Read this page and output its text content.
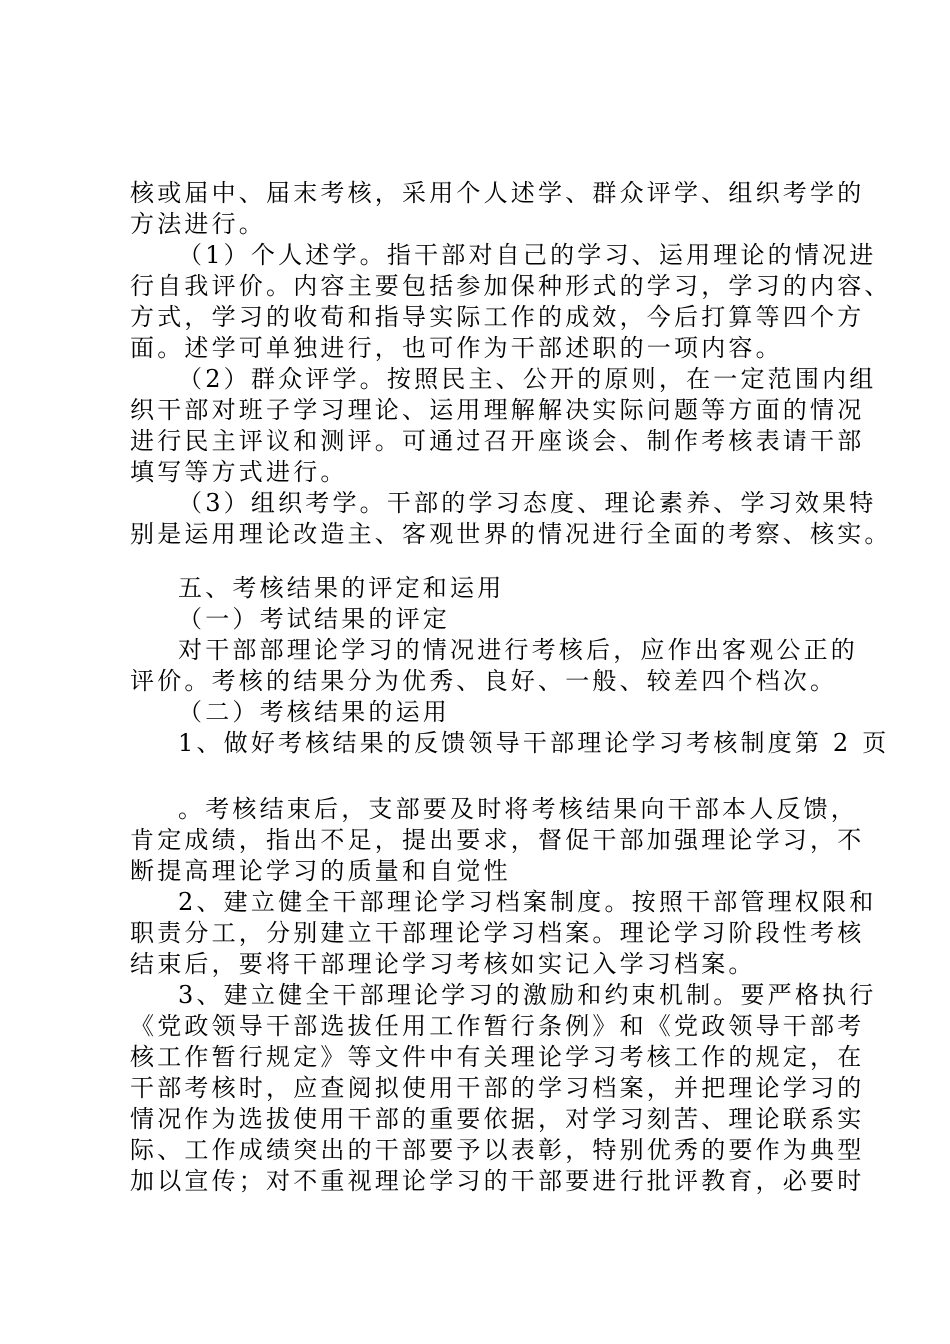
核或届中、届末考核，采用个人述学、群众评学、组织考学的
方法进行。
（1）个人述学。指干部对自己的学习、运用理论的情况进
行自我评价。内容主要包括参加保种形式的学习，学习的内容、
方式，学习的收荀和指导实际工作的成效，今后打算等四个方
面。述学可单独进行，也可作为干部述职的一项内容。
（2）群众评学。按照民主、公开的原则，在一定范围内组
织干部对班子学习理论、运用理解解决实际问题等方面的情况
进行民主评议和测评。可通过召开座谈会、制作考核表请干部
填写等方式进行。
（3）组织考学。干部的学习态度、理论素养、学习效果特
别是运用理论改造主、客观世界的情况进行全面的考察、核实。
五、考核结果的评定和运用
（一）考试结果的评定
对干部部理论学习的情况进行考核后，应作出客观公正的
评价。考核的结果分为优秀、良好、一般、较差四个档次。
（二）考核结果的运用
1、做好考核结果的反馈领导干部理论学习考核制度第 2 页
。考核结束后，支部要及时将考核结果向干部本人反馈，
肯定成绩，指出不足，提出要求，督促干部加强理论学习，不
断提高理论学习的质量和自觉性
2、建立健全干部理论学习档案制度。按照干部管理权限和
职责分工，分别建立干部理论学习档案。理论学习阶段性考核
结束后，要将干部理论学习考核如实记入学习档案。
3、建立健全干部理论学习的激励和约束机制。要严格执行
《党政领导干部选拔任用工作暂行条例》和《党政领导干部考
核工作暂行规定》等文件中有关理论学习考核工作的规定，在
干部考核时，应查阅拟使用干部的学习档案，并把理论学习的
情况作为选拔使用干部的重要依据，对学习刻苦、理论联系实
际、工作成绩突出的干部要予以表彰，特别优秀的要作为典型
加以宣传；对不重视理论学习的干部要进行批评教育，必要时
